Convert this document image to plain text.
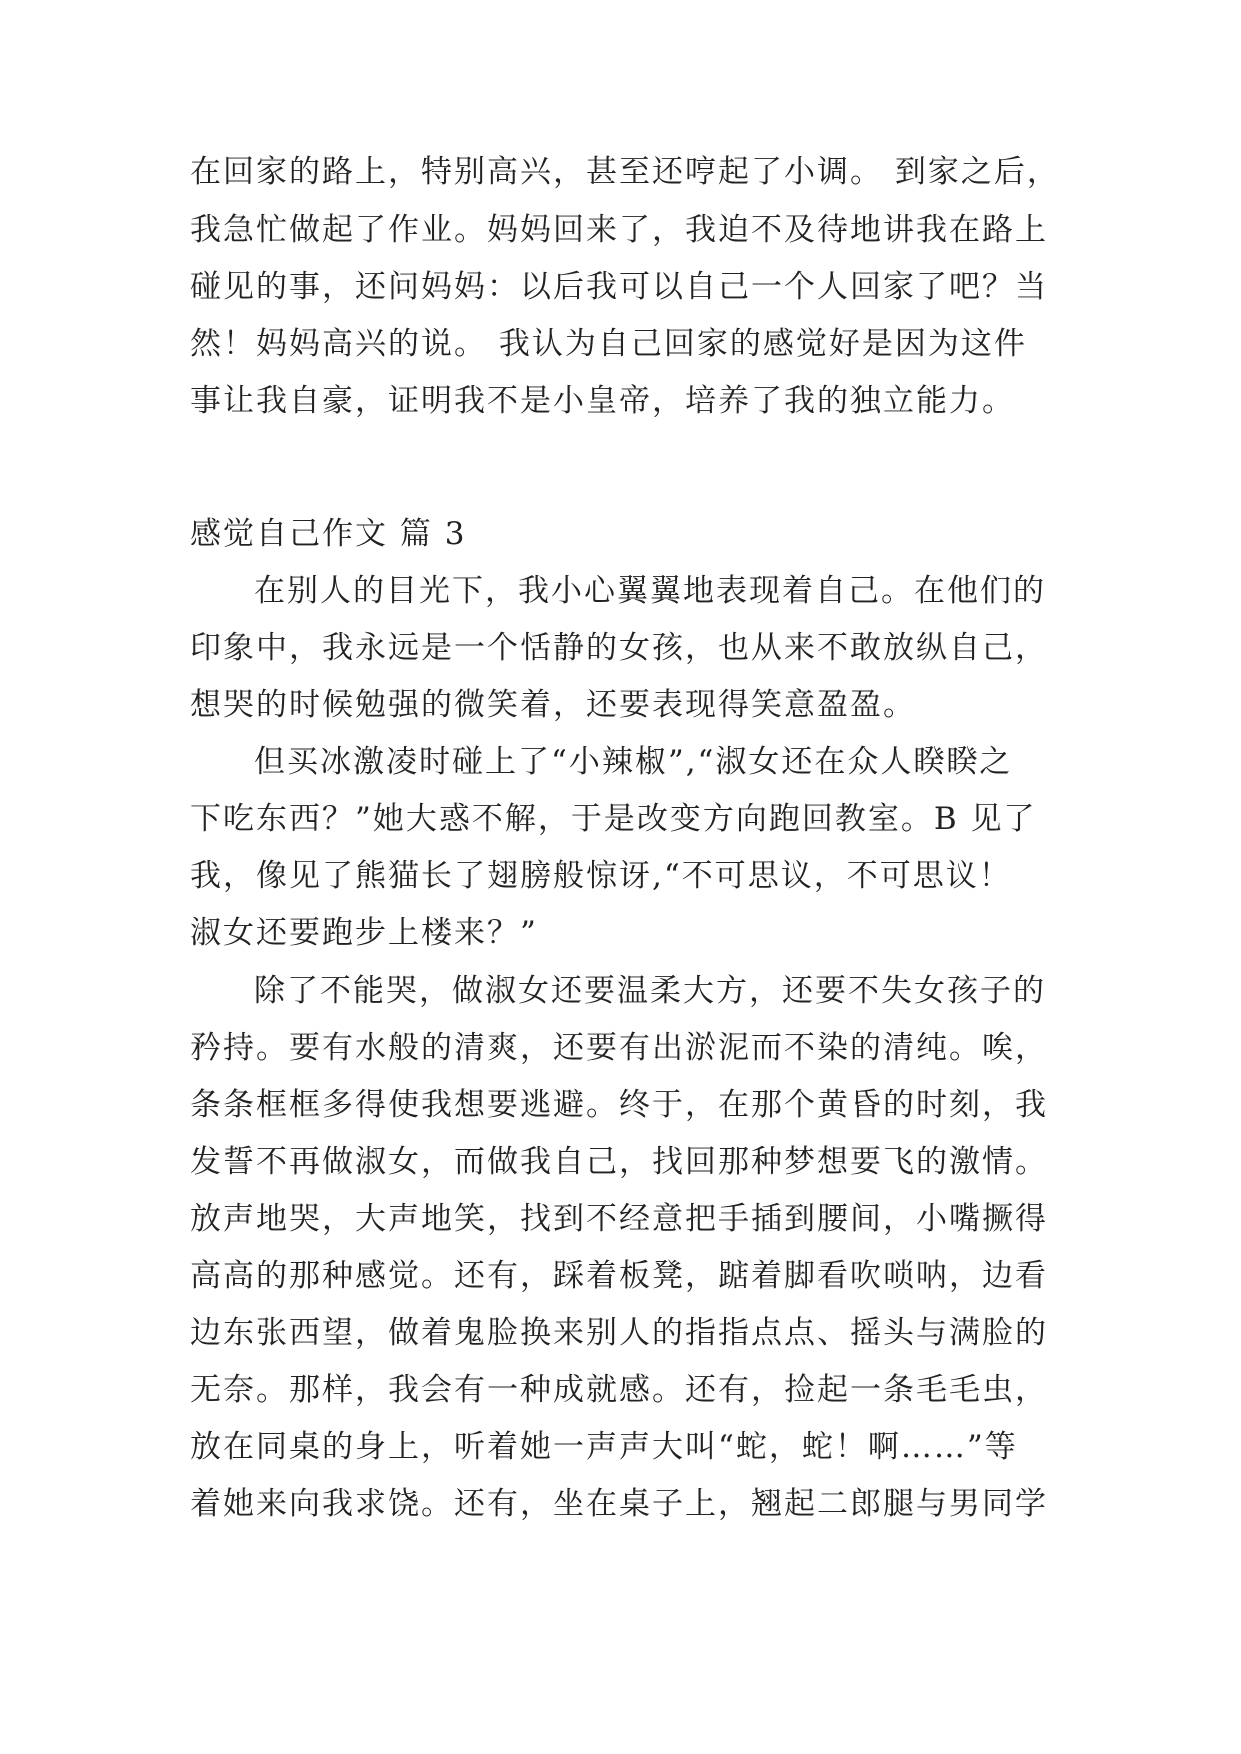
在回家的路上，特别高兴，甚至还哼起了小调。 到家之后，
我急忙做起了作业。妈妈回来了，我迫不及待地讲我在路上
碰见的事，还问妈妈：以后我可以自己一个人回家了吧？当
然！妈妈高兴的说。 我认为自己回家的感觉好是因为这件
事让我自豪，证明我不是小皇帝，培养了我的独立能力。
感觉自己作文 篇 3
在别人的目光下，我小心翼翼地表现着自己。在他们的
印象中，我永远是一个恬静的女孩，也从来不敢放纵自己，
想哭的时候勉强的微笑着，还要表现得笑意盈盈。
但买冰激凌时碰上了“小辣椒”,“淑女还在众人睽睽之
下吃东西？”她大惑不解，于是改变方向跑回教室。B 见了
我，像见了熊猫长了翅膀般惊讶,“不可思议，不可思议！
淑女还要跑步上楼来？”
除了不能哭，做淑女还要温柔大方，还要不失女孩子的
矜持。要有水般的清爽，还要有出淤泥而不染的清纯。唉，
条条框框多得使我想要逃避。终于，在那个黄昏的时刻，我
发誓不再做淑女，而做我自己，找回那种梦想要飞的激情。
放声地哭，大声地笑，找到不经意把手插到腰间，小嘴撅得
高高的那种感觉。还有，踩着板凳，踮着脚看吹唢呐，边看
边东张西望，做着鬼脸换来别人的指指点点、摇头与满脸的
无奈。那样，我会有一种成就感。还有，捡起一条毛毛虫，
放在同桌的身上，听着她一声声大叫“蛇，蛇！啊……”等
着她来向我求饶。还有，坐在桌子上，翘起二郎腿与男同学
